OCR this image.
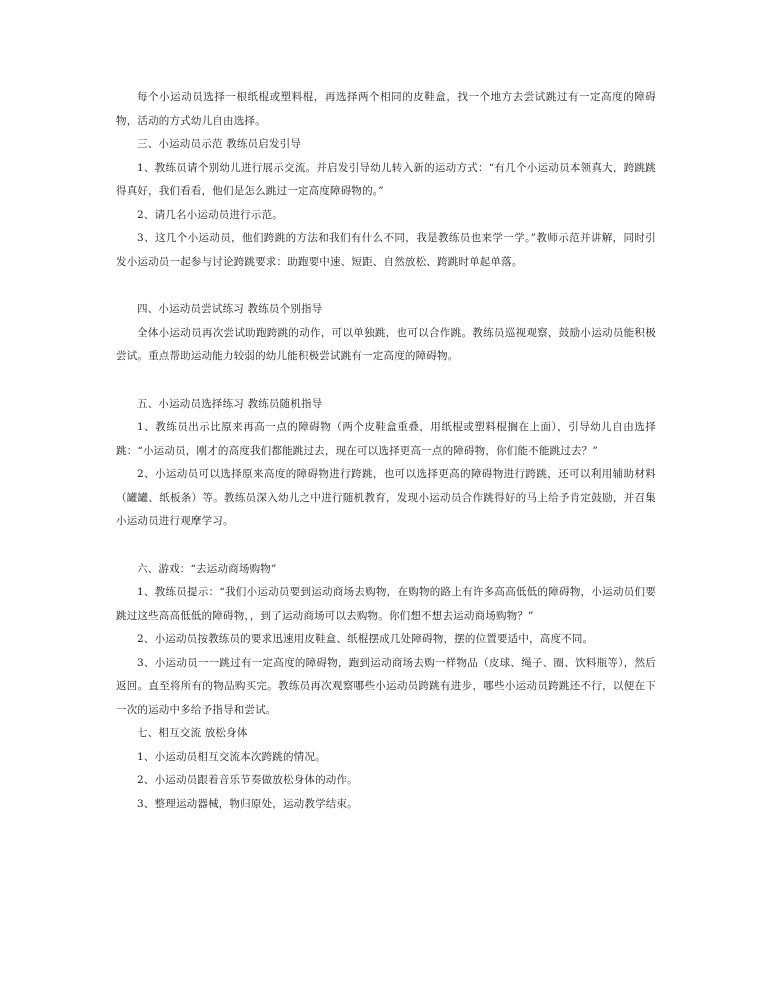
每个小运动员选择一根纸棍或塑料棍，再选择两个相同的皮鞋盒，找一个地方去尝试跳过有一定高度的障碍物，活动的方式幼儿自由选择。

三、小运动员示范 教练员启发引导

1、教练员请个别幼儿进行展示交流。并启发引导幼儿转入新的运动方式：“有几个小运动员本领真大，跨跳跳得真好，我们看看，他们是怎么跳过一定高度障碍物的。”

2、请几名小运动员进行示范。

3、这几个小运动员，他们跨跳的方法和我们有什么不同，我是教练员也来学一学。”教师示范并讲解，同时引发小运动员一起参与讨论跨跳要求：助跑要中速、短距、自然放松、跨跳时单起单落。

四、小运动员尝试练习 教练员个别指导

全体小运动员再次尝试助跑跨跳的动作，可以单独跳，也可以合作跳。教练员巡视观察，鼓励小运动员能积极尝试。重点帮助运动能力较弱的幼儿能积极尝试跳有一定高度的障碍物。

五、小运动员选择练习 教练员随机指导

1、教练员出示比原来再高一点的障碍物（两个皮鞋盒重叠，用纸棍或塑料棍搁在上面），引导幼儿自由选择跳：“小运动员，刚才的高度我们都能跳过去，现在可以选择更高一点的障碍物，你们能不能跳过去？”

2、小运动员可以选择原来高度的障碍物进行跨跳，也可以选择更高的障碍物进行跨跳，还可以利用辅助材料（罐罐、纸板条）等。教练员深入幼儿之中进行随机教育，发现小运动员合作跳得好的马上给予肯定鼓励，并召集小运动员进行观摩学习。

六、游戏：“去运动商场购物”

1、教练员提示：“我们小运动员要到运动商场去购物，在购物的路上有许多高高低低的障碍物，小运动员们要跳过这些高高低低的障碍物，，到了运动商场可以去购物。你们想不想去运动商场购物？”

2、小运动员按教练员的要求迅速用皮鞋盒、纸棍摆成几处障碍物，摆的位置要适中，高度不同。

3、小运动员一一跳过有一定高度的障碍物，跑到运动商场去购一样物品（皮球、绳子、圈、饮料瓶等），然后返回。直至将所有的物品购买完。教练员再次观察哪些小运动员跨跳有进步，哪些小运动员跨跳还不行，以便在下一次的运动中多给予指导和尝试。

七、相互交流 放松身体

1、小运动员相互交流本次跨跳的情况。

2、小运动员跟着音乐节奏做放松身体的动作。

3、整理运动器械，物归原处，运动教学结束。
